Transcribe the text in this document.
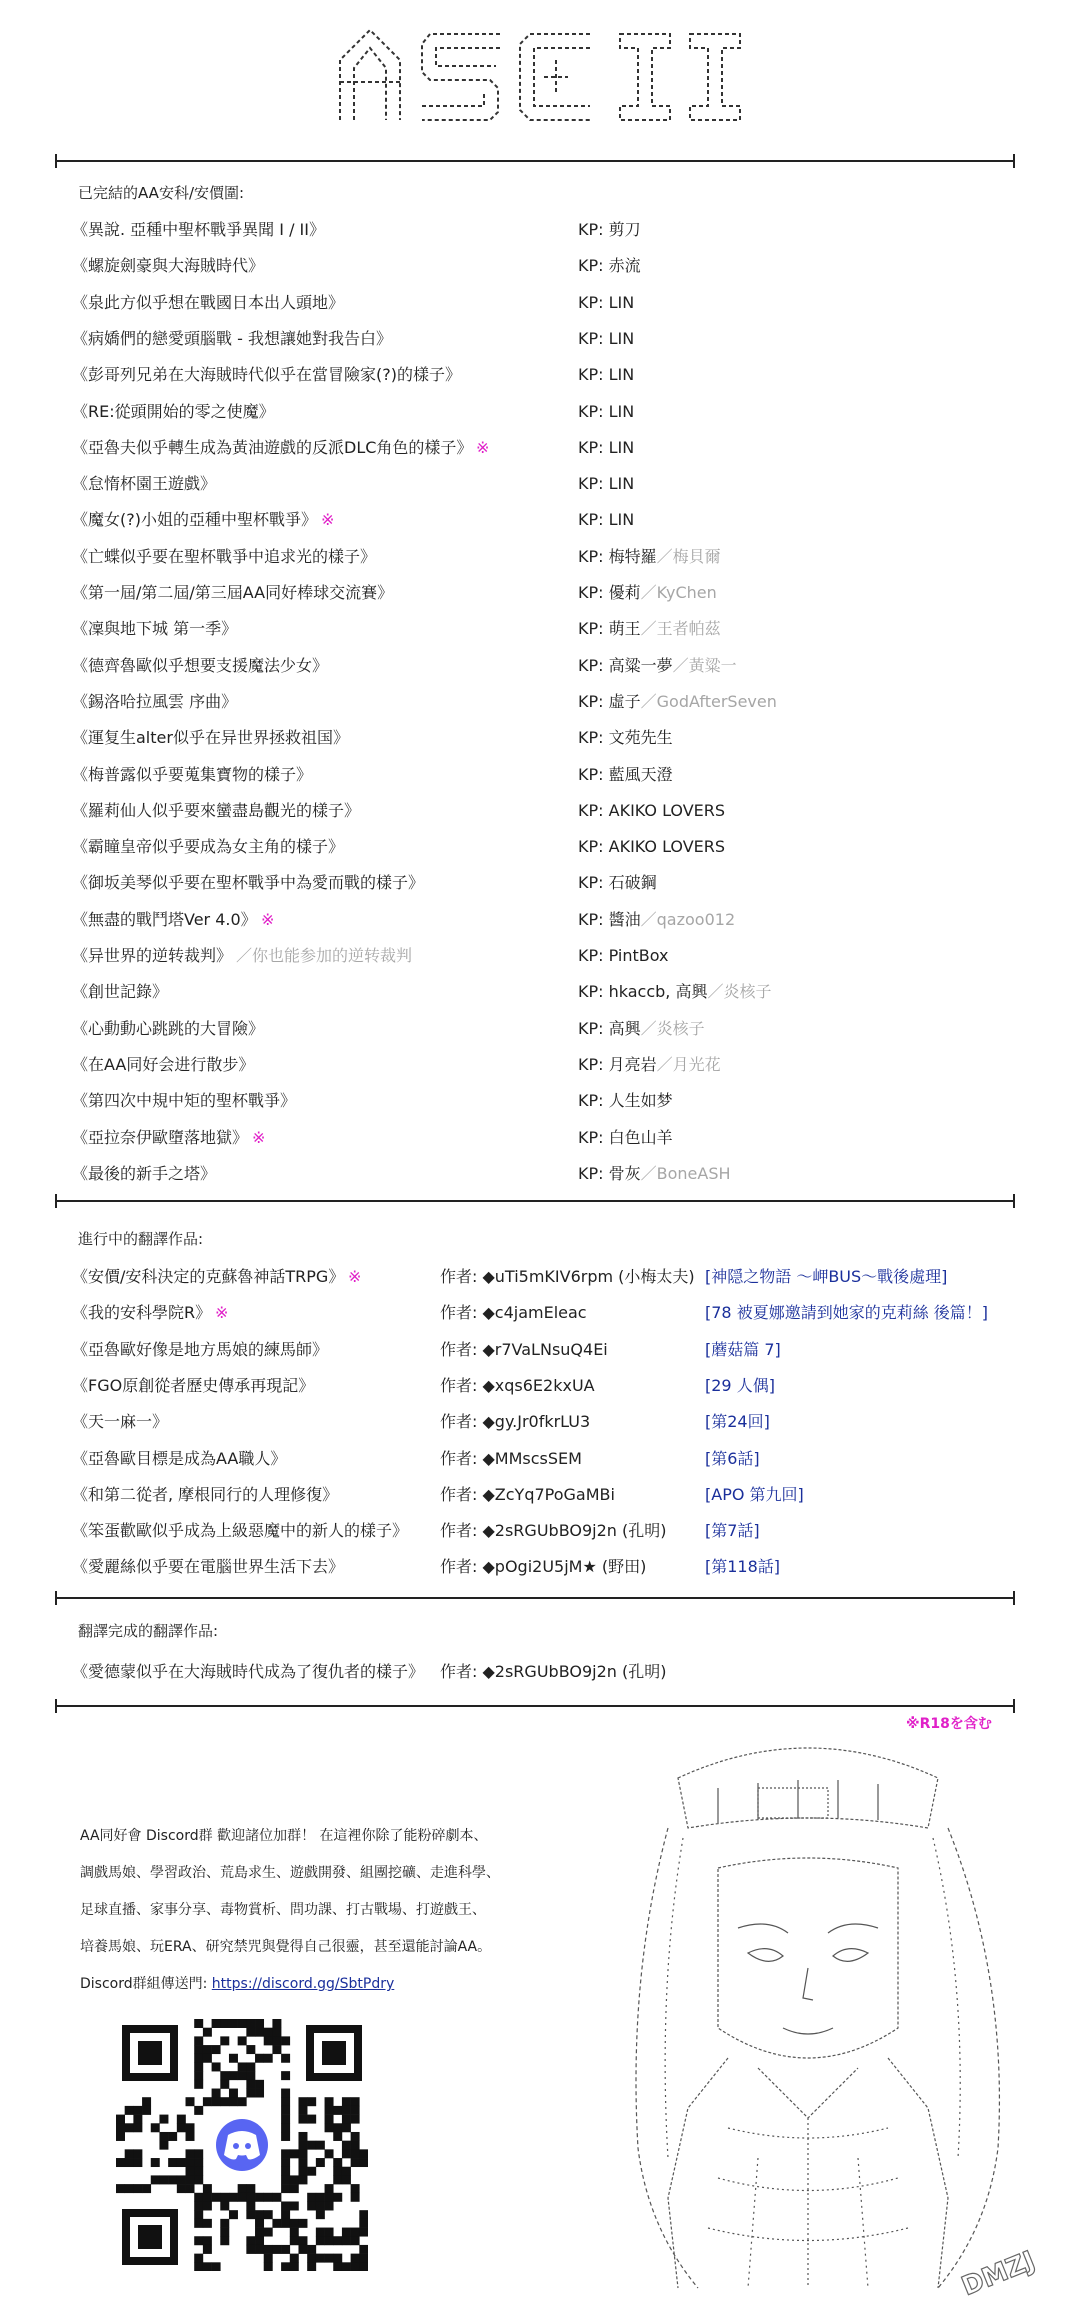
已完結的AA安科/安價圍:
《異說. 亞種中聖杯戰爭異聞 I / II》	KP: 剪刀
《螺旋劍豪與大海賊時代》	KP: 赤流
《泉此方似乎想在戰國日本出人頭地》	KP: LIN
《病嬌們的戀愛頭腦戰 - 我想讓她對我告白》	KP: LIN
《彭哥列兄弟在大海賊時代似乎在當冒險家(?)的樣子》	KP: LIN
《RE:從頭開始的零之使魔》	KP: LIN
《亞魯夫似乎轉生成為黃油遊戲的反派DLC角色的樣子》 ※	KP: LIN
《怠惰杯園王遊戲》	KP: LIN
《魔女(?)小姐的亞種中聖杯戰爭》 ※	KP: LIN
《亡蝶似乎要在聖杯戰爭中追求光的樣子》	KP: 梅特羅／梅貝爾
《第一屆/第二屆/第三屆AA同好棒球交流賽》	KP: 優莉／KyChen
《凜與地下城 第一季》	KP: 萌王／王者帕茲
《德齊魯歐似乎想要支援魔法少女》	KP: 高粱一夢／黃粱一
《錫洛哈拉風雲 序曲》	KP: 虛子／GodAfterSeven
《運复生alter似乎在异世界拯救祖国》	KP: 文苑先生
《梅普露似乎要蒐集寶物的樣子》	KP: 藍風天澄
《羅莉仙人似乎要來蠻盡島觀光的樣子》	KP: AKIKO LOVERS
《霸瞳皇帝似乎要成為女主角的樣子》	KP: AKIKO LOVERS
《御坂美琴似乎要在聖杯戰爭中為愛而戰的樣子》	KP: 石破鋼
《無盡的戰鬥塔Ver 4.0》 ※	KP: 醬油／qazoo012
《异世界的逆转裁判》 ／你也能参加的逆转裁判	KP: PintBox
《創世記錄》	KP: hkaccb, 高興／炎核子
《心動動心跳跳的大冒險》	KP: 高興／炎核子
《在AA同好会进行散步》	KP: 月亮岩／月光花
《第四次中規中矩的聖杯戰爭》	KP: 人生如梦
《亞拉奈伊歐墮落地獄》 ※	KP: 白色山羊
《最後的新手之塔》	KP: 骨灰／BoneASH
進行中的翻譯作品:
《安價/安科決定的克蘇魯神話TRPG》 ※	作者: ◆uTi5mKIV6rpm (小梅太夫) [神隠之物語 ～岬BUS～戰後處理]
《我的安科學院R》 ※	作者: ◆c4jamEleac	[78 被夏娜邀請到她家的克莉絲 後篇！]
《亞魯歐好像是地方馬娘的練馬師》	作者: ◆r7VaLNsuQ4Ei	[蘑菇篇 7]
《FGO原創從者歷史傳承再現記》	作者: ◆xqs6E2kxUA	[29 人偶]
《天一麻一》	作者: ◆gy.Jr0fkrLU3	[第24回]
《亞魯歐目標是成為AA職人》	作者: ◆MMscsSEM	[第6話]
《和第二從者, 摩根同行的人理修復》	作者: ◆ZcYq7PoGaMBi	[APO 第九回]
《笨蛋歡歐似乎成為上級惡魔中的新人的樣子》 作者: ◆2sRGUbBO9j2n (孔明) [第7話]
《愛麗絲似乎要在電腦世界生活下去》	作者: ◆pOgi2U5jM★ (野田)	[第118話]
翻譯完成的翻譯作品:
《愛德蒙似乎在大海賊時代成為了復仇者的樣子》 作者: ◆2sRGUbBO9j2n (孔明)
※R18を含む
AA同好會 Discord群 歡迎諸位加群！ 在這裡你除了能粉碎劇本、
調戲馬娘、學習政治、荒島求生、遊戲開發、組團挖礦、走進科學、
足球直播、家事分享、毒物賞析、問功課、打古戰場、打遊戲王、
培養馬娘、玩ERA、研究禁咒與覺得自己很靈，甚至還能討論AA。
Discord群組傳送門: https://discord.gg/SbtPdry
DMZJ
